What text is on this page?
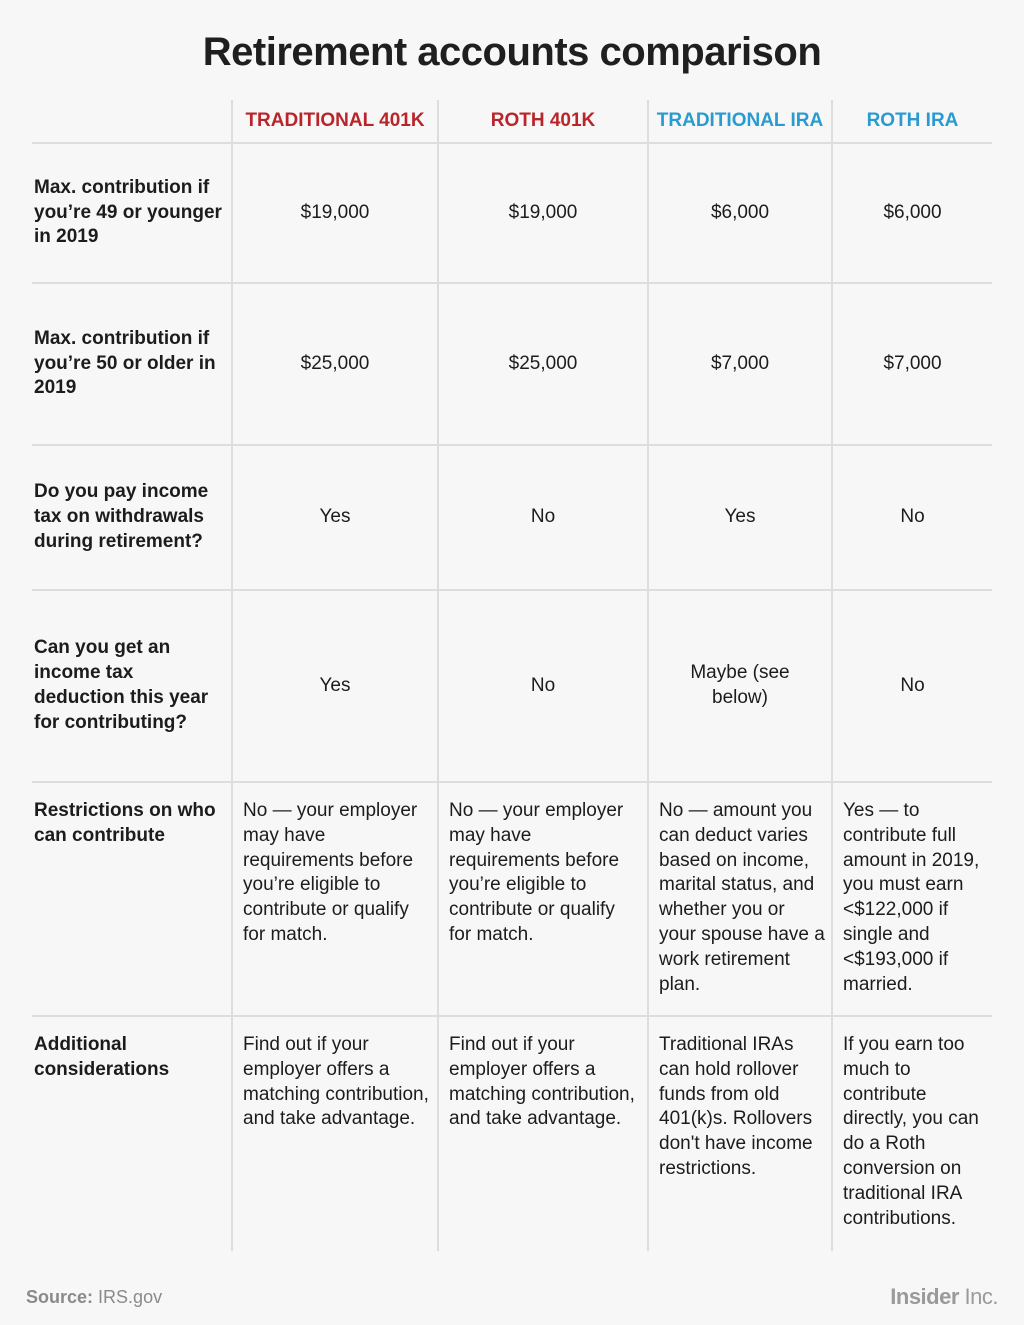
Retirement accounts comparison
	TRADITIONAL 401K	ROTH 401K	TRADITIONAL IRA	ROTH IRA
Max. contribution if you’re 49 or younger in 2019	$19,000	$19,000	$6,000	$6,000
Max. contribution if you’re 50 or older in 2019	$25,000	$25,000	$7,000	$7,000
Do you pay income tax on withdrawals during retirement?	Yes	No	Yes	No
Can you get an income tax deduction this year for contributing?	Yes	No	Maybe (see below)	No
Restrictions on who can contribute	No — your employer may have requirements before you’re eligible to contribute or qualify for match.	No — your employer may have requirements before you’re eligible to contribute or qualify for match.	No — amount you can deduct varies based on income, marital status, and whether you or your spouse have a work retirement plan.	Yes — to contribute full amount in 2019, you must earn <$122,000 if single and <$193,000 if married.
Additional considerations	Find out if your employer offers a matching contribution, and take advantage.	Find out if your employer offers a matching contribution, and take advantage.	Traditional IRAs can hold rollover funds from old 401(k)s. Rollovers don't have income restrictions.	If you earn too much to contribute directly, you can do a Roth conversion on traditional IRA contributions.
Source: IRS.gov	Insider Inc.
